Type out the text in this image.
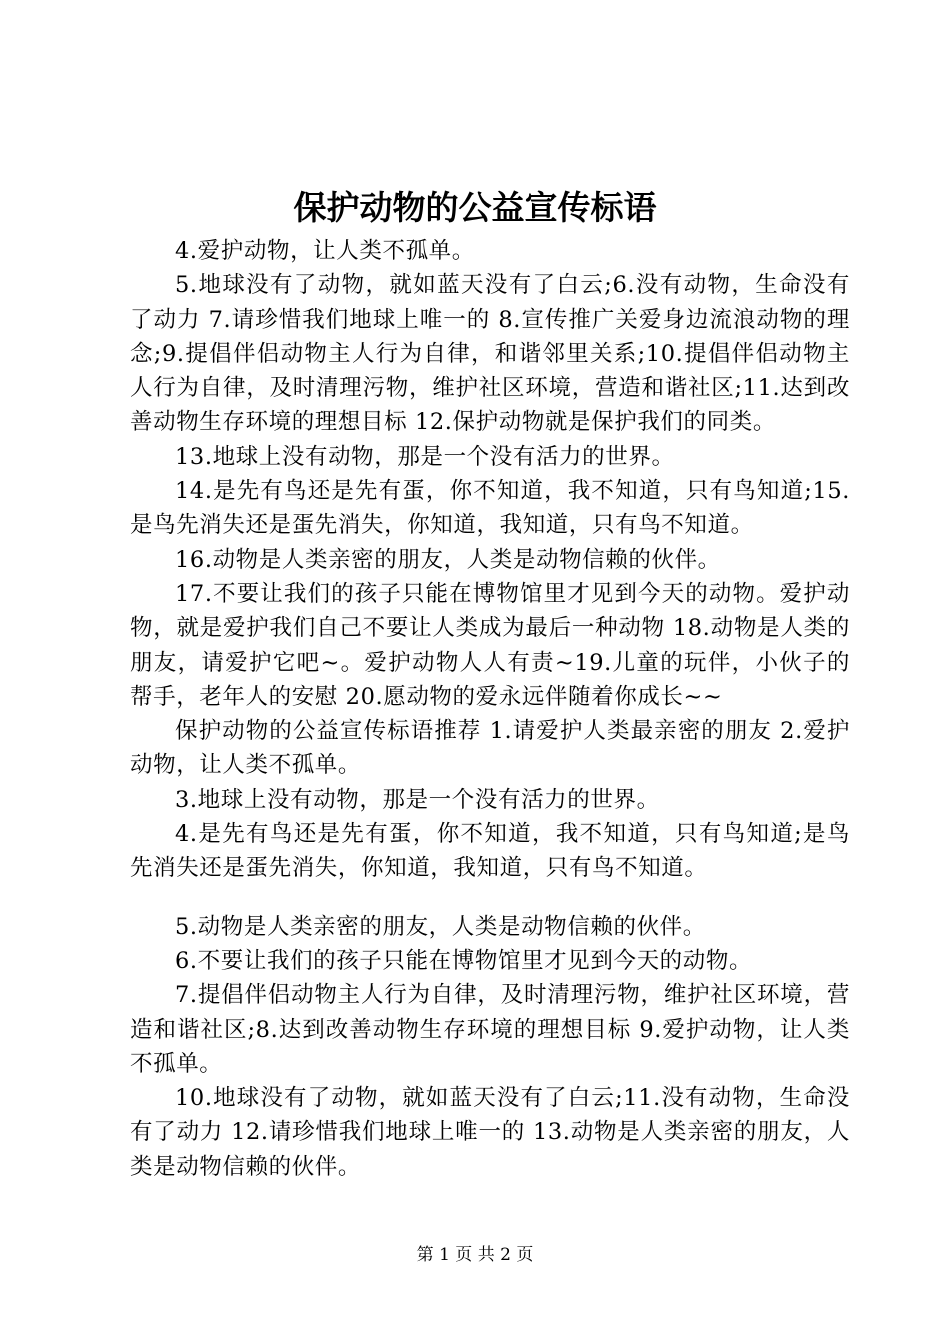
保护动物的公益宣传标语

4.爱护动物，让人类不孤单。

5.地球没有了动物，就如蓝天没有了白云;6.没有动物，生命没有了动力 7.请珍惜我们地球上唯一的 8.宣传推广关爱身边流浪动物的理念;9.提倡伴侣动物主人行为自律，和谐邻里关系;10.提倡伴侣动物主人行为自律，及时清理污物，维护社区环境，营造和谐社区;11.达到改善动物生存环境的理想目标 12.保护动物就是保护我们的同类。

13.地球上没有动物，那是一个没有活力的世界。

14.是先有鸟还是先有蛋，你不知道，我不知道，只有鸟知道;15.是鸟先消失还是蛋先消失，你知道，我知道，只有鸟不知道。

16.动物是人类亲密的朋友，人类是动物信赖的伙伴。

17.不要让我们的孩子只能在博物馆里才见到今天的动物。爱护动物，就是爱护我们自己不要让人类成为最后一种动物 18.动物是人类的朋友，请爱护它吧~。爱护动物人人有责~19.儿童的玩伴，小伙子的帮手，老年人的安慰 20.愿动物的爱永远伴随着你成长~~

保护动物的公益宣传标语推荐 1.请爱护人类最亲密的朋友 2.爱护动物，让人类不孤单。

3.地球上没有动物，那是一个没有活力的世界。

4.是先有鸟还是先有蛋，你不知道，我不知道，只有鸟知道;是鸟先消失还是蛋先消失，你知道，我知道，只有鸟不知道。

5.动物是人类亲密的朋友，人类是动物信赖的伙伴。

6.不要让我们的孩子只能在博物馆里才见到今天的动物。

7.提倡伴侣动物主人行为自律，及时清理污物，维护社区环境，营造和谐社区;8.达到改善动物生存环境的理想目标 9.爱护动物，让人类不孤单。

10.地球没有了动物，就如蓝天没有了白云;11.没有动物，生命没有了动力 12.请珍惜我们地球上唯一的 13.动物是人类亲密的朋友，人类是动物信赖的伙伴。

第 1 页 共 2 页
